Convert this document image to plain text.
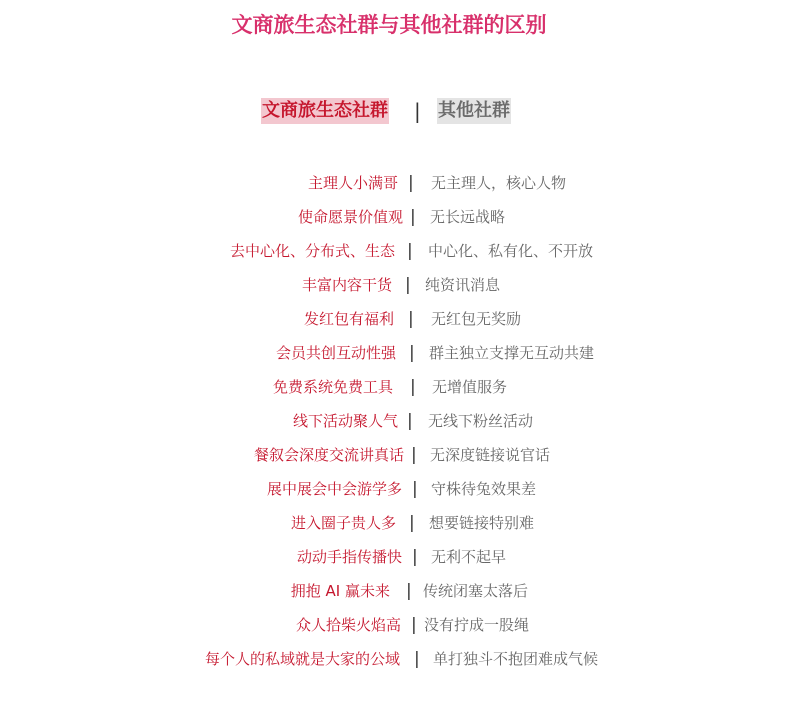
文商旅生态社群与其他社群的区别
文商旅生态社群 | 其他社群
主理人小满哥 | 无主理人，核心人物
使命愿景价值观 | 无长远战略
去中心化、分布式、生态 | 中心化、私有化、不开放
丰富内容干货 | 纯资讯消息
发红包有福利 | 无红包无奖励
会员共创互动性强 | 群主独立支撑无互动共建
免费系统免费工具 | 无增值服务
线下活动聚人气 | 无线下粉丝活动
餐叙会深度交流讲真话 | 无深度链接说官话
展中展会中会游学多 | 守株待兔效果差
进入圈子贵人多 | 想要链接特别难
动动手指传播快 | 无利不起早
拥抱 AI 赢未来 | 传统闭塞太落后
众人拾柴火焰高 | 没有拧成一股绳
每个人的私域就是大家的公域 | 单打独斗不抱团难成气候
